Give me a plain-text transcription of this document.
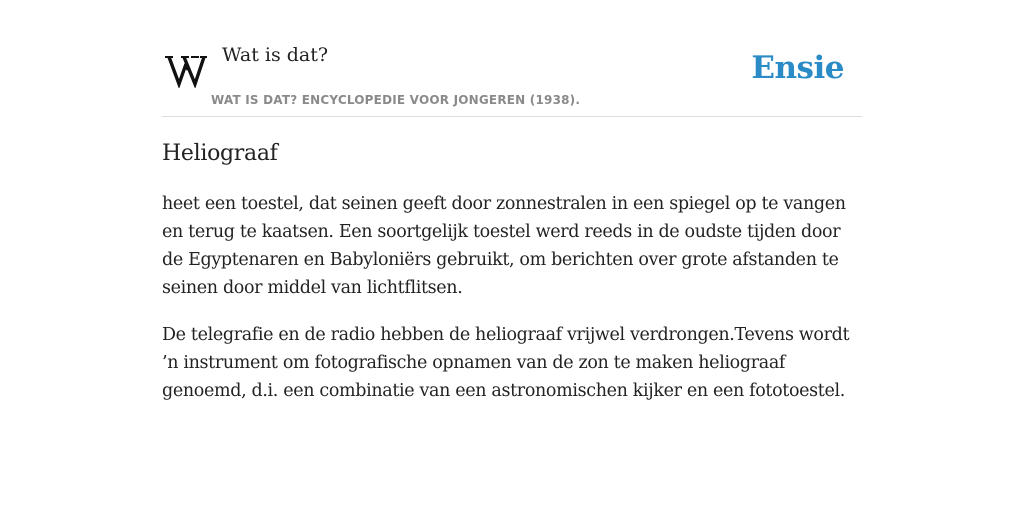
Wat is dat?
WAT IS DAT? ENCYCLOPEDIE VOOR JONGEREN (1938).
Ensie
Heliograaf

heet een toestel, dat seinen geeft door zonnestralen in een spiegel op te vangen en terug te kaatsen. Een soortgelijk toestel werd reeds in de oudste tijden door de Egyptenaren en Babyloniërs gebruikt, om berichten over grote afstanden te seinen door middel van lichtflitsen.

De telegrafie en de radio hebben de heliograaf vrijwel verdrongen.Tevens wordt ’n instrument om fotografische opnamen van de zon te maken heliograaf genoemd, d.i. een combinatie van een astronomischen kijker en een fototoestel.
